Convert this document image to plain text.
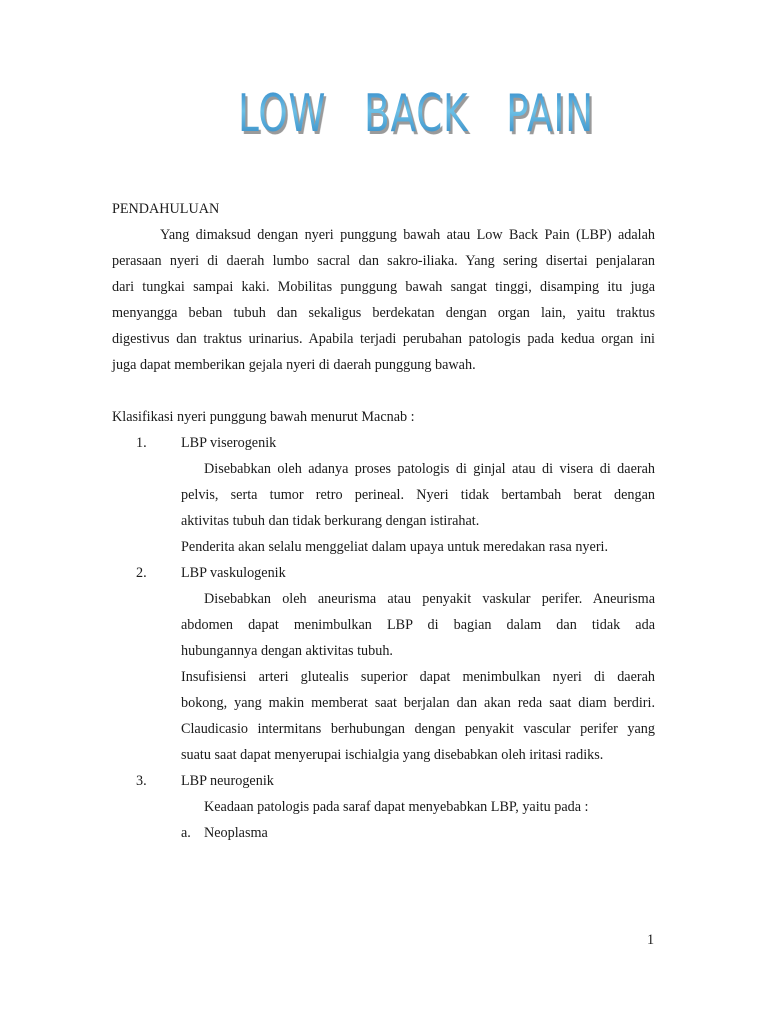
LOW   BACK   PAIN
PENDAHULUAN
Yang dimaksud dengan nyeri punggung bawah atau Low Back Pain (LBP) adalah
perasaan nyeri di daerah lumbo sacral dan sakro-iliaka. Yang sering disertai penjalaran
dari tungkai sampai kaki. Mobilitas punggung bawah sangat tinggi, disamping itu juga
menyangga beban tubuh dan sekaligus berdekatan dengan organ lain, yaitu traktus
digestivus dan traktus urinarius. Apabila terjadi perubahan patologis pada kedua organ ini
juga dapat memberikan gejala nyeri di daerah punggung bawah.
Klasifikasi nyeri punggung bawah menurut Macnab :
1. LBP viserogenik
Disebabkan oleh adanya proses patologis di ginjal atau di visera di daerah
pelvis, serta tumor retro perineal. Nyeri tidak bertambah berat dengan
aktivitas tubuh dan tidak berkurang dengan istirahat.
Penderita akan selalu menggeliat dalam upaya untuk meredakan rasa nyeri.
2. LBP vaskulogenik
Disebabkan oleh aneurisma atau penyakit vaskular perifer. Aneurisma
abdomen dapat menimbulkan LBP di bagian dalam dan tidak ada
hubungannya dengan aktivitas tubuh.
Insufisiensi arteri glutealis superior dapat menimbulkan nyeri di daerah
bokong, yang makin memberat saat berjalan dan akan reda saat diam berdiri.
Claudicasio intermitans berhubungan dengan penyakit vascular perifer yang
suatu saat dapat menyerupai ischialgia yang disebabkan oleh iritasi radiks.
3. LBP neurogenik
Keadaan patologis pada saraf dapat menyebabkan LBP, yaitu pada :
a. Neoplasma
1
